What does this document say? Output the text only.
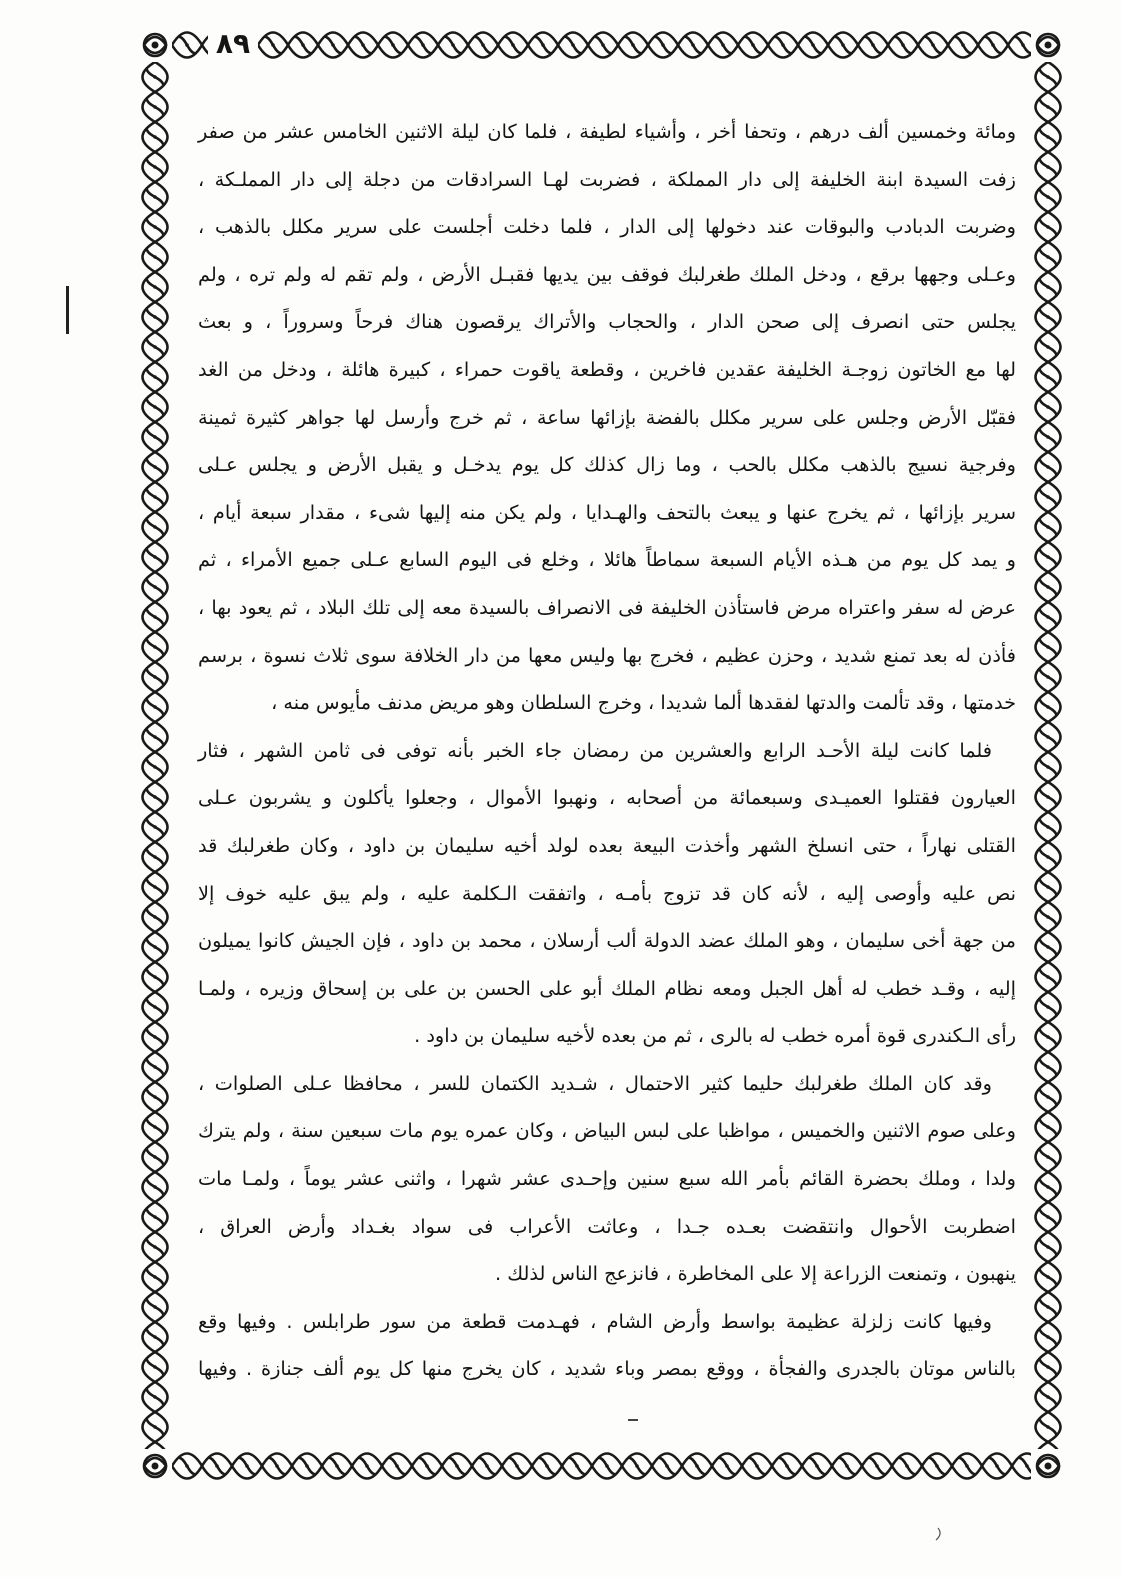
٨٩
ومائة وخمسين ألف درهم ، وتحفا أخر ، وأشياء لطيفة ، فلما كان ليلة الاثنين الخامس عشر من صفر
زفت السيدة ابنة الخليفة إلى دار المملكة ، فضربت لهـا السرادقات من دجلة إلى دار المملـكة ،
وضربت الدبادب والبوقات عند دخولها إلى الدار ، فلما دخلت أجلست على سرير مكلل بالذهب ،
وعـلى وجهها برقع ، ودخل الملك طغرلبك فوقف بين يديها فقبـل الأرض ، ولم تقم له ولم تره ، ولم
يجلس حتى انصرف إلى صحن الدار ، والحجاب والأتراك يرقصون هناك فرحاً وسروراً ، و بعث
لها مع الخاتون زوجـة الخليفة عقدين فاخرين ، وقطعة ياقوت حمراء ، كبيرة هائلة ، ودخل من الغد
فقبّل الأرض وجلس على سرير مكلل بالفضة بإزائها ساعة ، ثم خرج وأرسل لها جواهر كثيرة ثمينة
وفرجية نسيج بالذهب مكلل بالحب ، وما زال كذلك كل يوم يدخـل و يقبل الأرض و يجلس عـلى
سرير بإزائها ، ثم يخرج عنها و يبعث بالتحف والهـدايا ، ولم يكن منه إليها شىء ، مقدار سبعة أيام ،
و يمد كل يوم من هـذه الأيام السبعة سماطاً هائلا ، وخلع فى اليوم السابع عـلى جميع الأمراء ، ثم
عرض له سفر واعتراه مرض فاستأذن الخليفة فى الانصراف بالسيدة معه إلى تلك البلاد ، ثم يعود بها ،
فأذن له بعد تمنع شديد ، وحزن عظيم ، فخرج بها وليس معها من دار الخلافة سوى ثلاث نسوة ، برسم
خدمتها ، وقد تألمت والدتها لفقدها ألما شديدا ، وخرج السلطان وهو مريض مدنف مأيوس منه ،
فلما كانت ليلة الأحـد الرابع والعشرين من رمضان جاء الخبر بأنه توفى فى ثامن الشهر ، فثار
العيارون فقتلوا العميـدى وسبعمائة من أصحابه ، ونهبوا الأموال ، وجعلوا يأكلون و يشربون عـلى
القتلى نهاراً ، حتى انسلخ الشهر وأخذت البيعة بعده لولد أخيه سليمان بن داود ، وكان طغرلبك قد
نص عليه وأوصى إليه ، لأنه كان قد تزوج بأمـه ، واتفقت الـكلمة عليه ، ولم يبق عليه خوف إلا
من جهة أخى سليمان ، وهو الملك عضد الدولة ألب أرسلان ، محمد بن داود ، فإن الجيش كانوا يميلون
إليه ، وقـد خطب له أهل الجبل ومعه نظام الملك أبو على الحسن بن على بن إسحاق وزيره ، ولمـا
رأى الـكندرى قوة أمره خطب له بالرى ، ثم من بعده لأخيه سليمان بن داود .
وقد كان الملك طغرلبك حليما كثير الاحتمال ، شـديد الكتمان للسر ، محافظا عـلى الصلوات ،
وعلى صوم الاثنين والخميس ، مواظبا على لبس البياض ، وكان عمره يوم مات سبعين سنة ، ولم يترك
ولدا ، وملك بحضرة القائم بأمر الله سبع سنين وإحـدى عشر شهرا ، واثنى عشر يوماً ، ولمـا مات
اضطربت الأحوال وانتقضت بعـده جـدا ، وعاثت الأعراب فى سواد بغـداد وأرض العراق ،
ينهبون ، وتمنعت الزراعة إلا على المخاطرة ، فانزعج الناس لذلك .
وفيها كانت زلزلة عظيمة بواسط وأرض الشام ، فهـدمت قطعة من سور طرابلس . وفيها وقع
بالناس موتان بالجدرى والفجأة ، ووقع بمصر وباء شديد ، كان يخرج منها كل يوم ألف جنازة . وفيها
